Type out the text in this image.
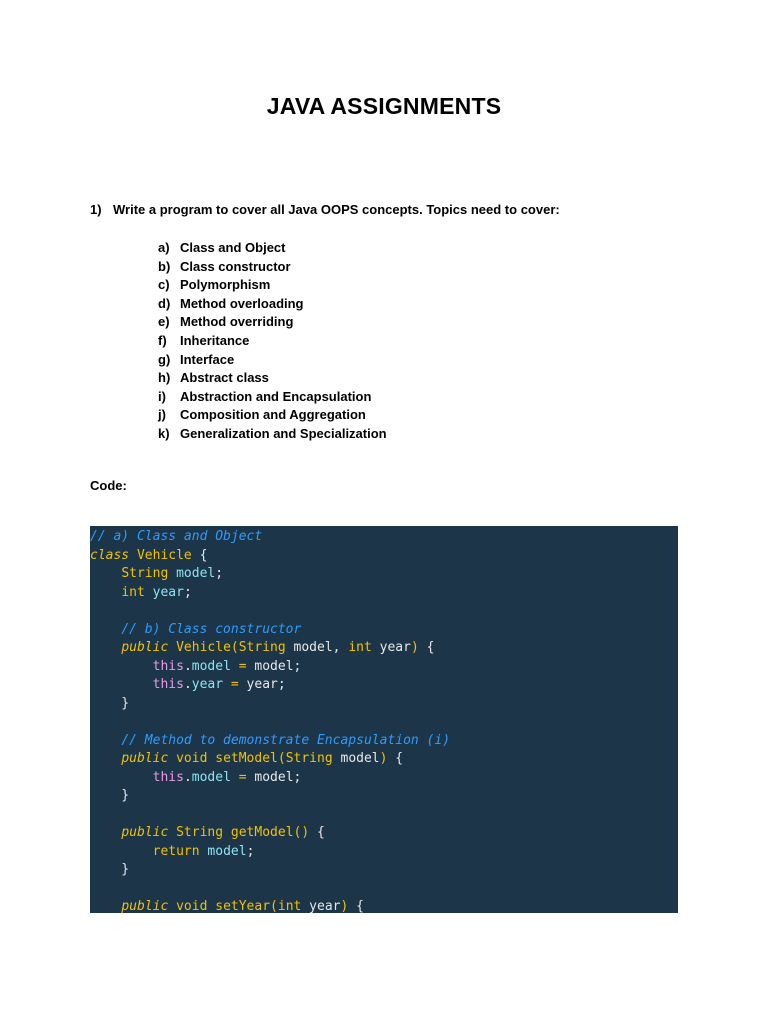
JAVA ASSIGNMENTS
1) Write a program to cover all Java OOPS concepts. Topics need to cover:
a) Class and Object
b) Class constructor
c) Polymorphism
d) Method overloading
e) Method overriding
f)	Inheritance
g) Interface
h) Abstract class
i)	Abstraction and Encapsulation
j)	Composition and Aggregation
k) Generalization and Specialization
Code:
// a) Class and Object
class Vehicle {
String model;
int year;
// b) Class constructor
public Vehicle(String model, int year) {
this.model = model;
this.year = year;
}
// Method to demonstrate Encapsulation (i)
public void setModel(String model) {
this.model = model;
}
public String getModel() {
return model;
}
public void setYear(int year) {
